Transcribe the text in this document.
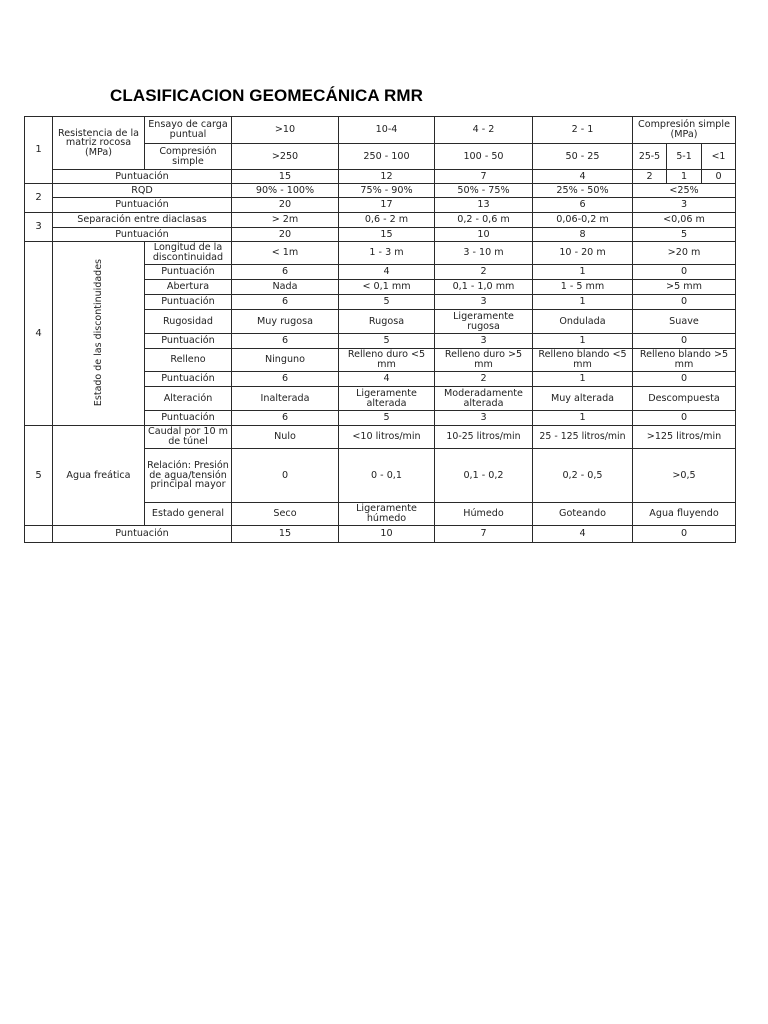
CLASIFICACION GEOMECÁNICA RMR
1	Resistencia de la matriz rocosa (MPa)	Ensayo de carga puntual	>10	10-4	4 - 2	2 - 1	Compresión simple (MPa)		
		Compresión simple	>250	250 - 100	100 - 50	50 - 25	25-5	5-1	<1
	Puntuación		15	12	7	4	2	1	0
2	RQD		90% - 100%	75% - 90%	50% - 75%	25% - 50%	<25%		
	Puntuación		20	17	13	6	3		
3	Separación entre diaclasas		> 2m	0,6 - 2 m	0,2 - 0,6 m	0,06-0,2 m	<0,06 m		
	Puntuación		20	15	10	8	5		
4	Estado de las discontinuidades	Longitud de la discontinuidad	< 1m	1 - 3 m	3 - 10 m	10 - 20 m	>20 m		
		Puntuación	6	4	2	1	0		
		Abertura	Nada	< 0,1 mm	0,1 - 1,0 mm	1 - 5 mm	>5 mm		
		Puntuación	6	5	3	1	0		
		Rugosidad	Muy rugosa	Rugosa	Ligeramente rugosa	Ondulada	Suave		
		Puntuación	6	5	3	1	0		
		Relleno	Ninguno	Relleno duro <5 mm	Relleno duro >5 mm	Relleno blando <5 mm	Relleno blando >5 mm		
		Puntuación	6	4	2	1	0		
		Alteración	Inalterada	Ligeramente alterada	Moderadamente alterada	Muy alterada	Descompuesta		
		Puntuación	6	5	3	1	0		
5	Agua freática	Caudal por 10 m de túnel	Nulo	<10 litros/min	10-25 litros/min	25 - 125 litros/min	>125 litros/min		
		Relación: Presión de agua/tensión principal mayor	0	0 - 0,1	0,1 - 0,2	0,2 - 0,5	>0,5		
		Estado general	Seco	Ligeramente húmedo	Húmedo	Goteando	Agua fluyendo		
	Puntuación		15	10	7	4	0		
